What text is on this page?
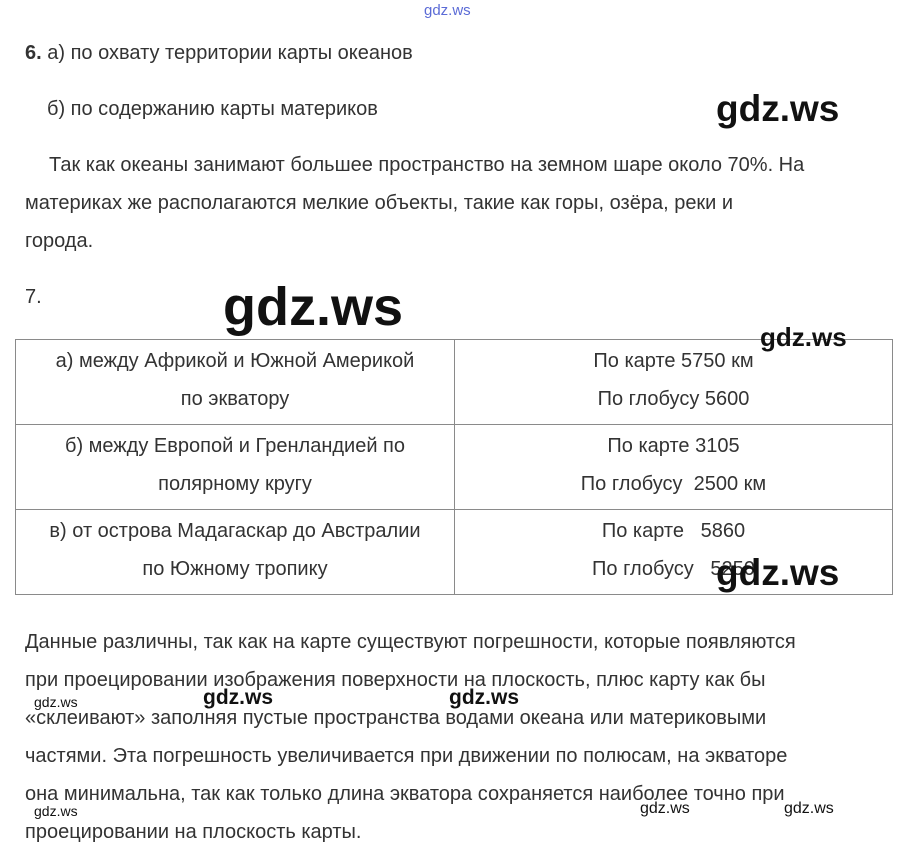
gdz.ws
6. а) по охвату территории карты океанов
б) по содержанию карты материков	gdz.ws
Так как океаны занимают большее пространство на земном шаре около 70%. На
материках же располагаются мелкие объекты, такие как горы, озёра, реки и
города.
7.	gdz.ws
а) между Африкой и Южной Америкой
по экватору	По карте 5750 км
По глобусу 5600

б) между Европой и Гренландией по
полярному кругу	По карте 3105
По глобусу  2500 км

в) от острова Мадагаскар до Австралии
по Южному тропику	По карте   5860
По глобусу   5250
gdz.ws
gdz.ws
Данные различны, так как на карте существуют погрешности, которые появляются
при проецировании изображения поверхности на плоскость, плюс карту как бы
«склеивают» заполняя пустые пространства водами океана или материковыми
частями. Эта погрешность увеличивается при движении по полюсам, на экваторе
она минимальна, так как только длина экватора сохраняется наиболее точно при
проецировании на плоскость карты.
gdz.ws	gdz.ws	gdz.ws
gdz.ws	gdz.ws	gdz.ws
